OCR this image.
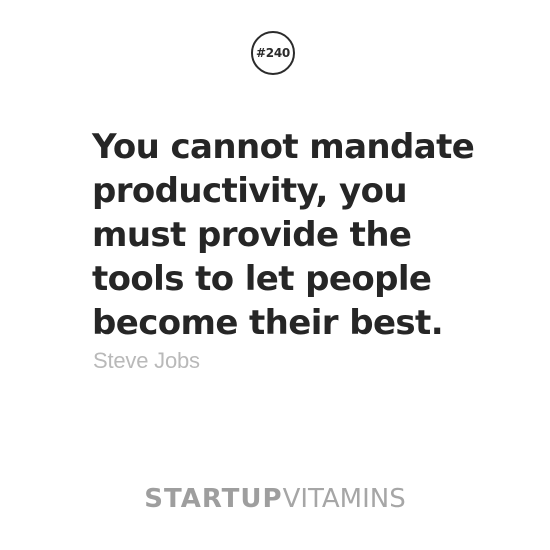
#240
You cannot mandate
productivity, you
must provide the
tools to let people
become their best.
Steve Jobs
STARTUPVITAMINS
